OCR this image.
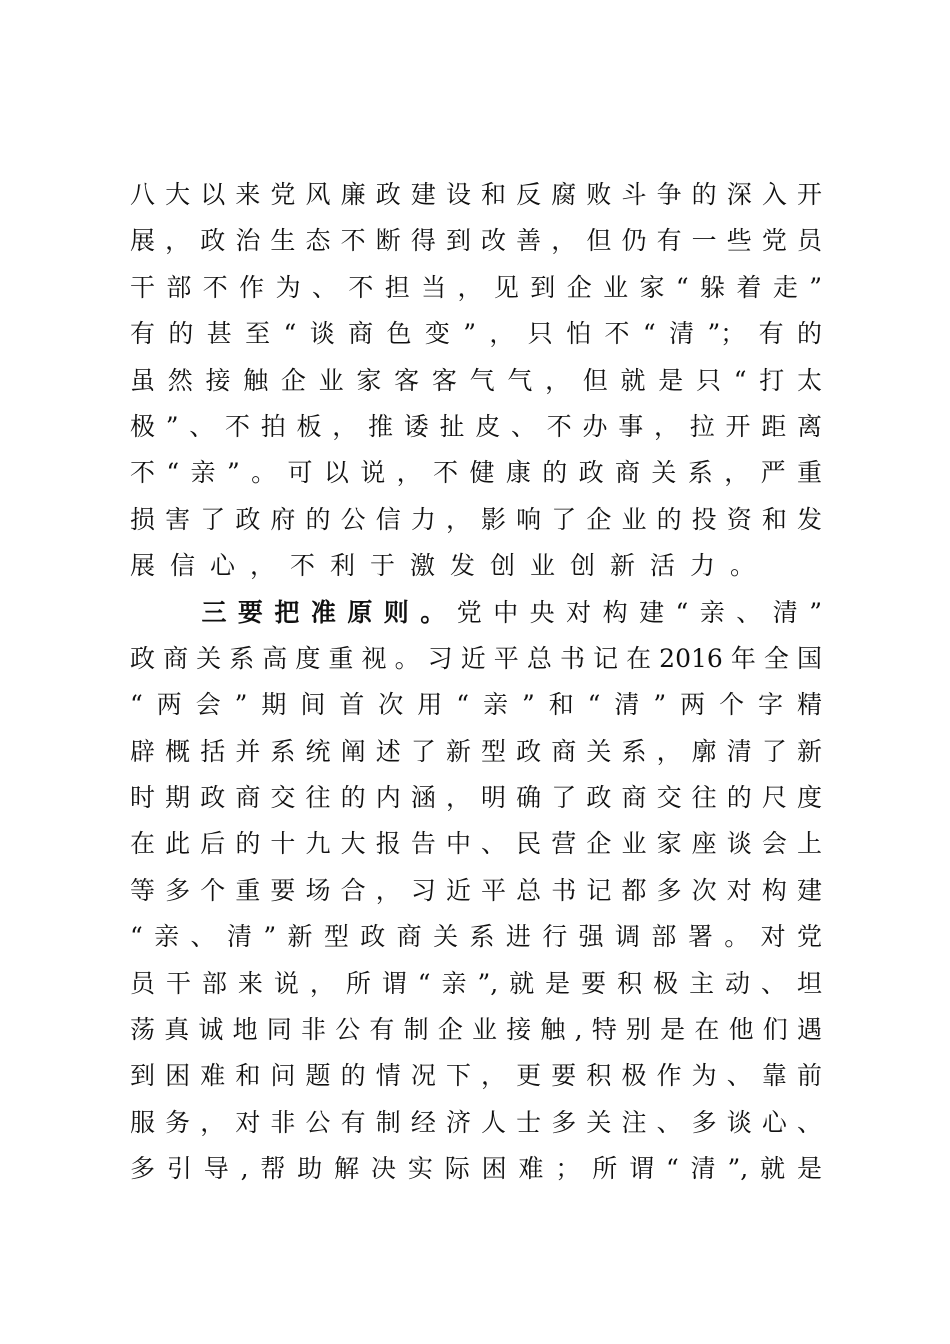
八大以来党风廉政建设和反腐败斗争的深入开
展，政治生态不断得到改善，但仍有一些党员
干部不作为、不担当，见到企业家“躲着走”
有的甚至“谈商色变”，只怕不“清”；有的
虽然接触企业家客客气气，但就是只“打太
极”、不拍板，推诿扯皮、不办事，拉开距离
不“亲”。可以说，不健康的政商关系，严重
损害了政府的公信力，影响了企业的投资和发
展信心，不利于激发创业创新活力。
三要把准原则。党中央对构建“亲、清”
政商关系高度重视。习近平总书记在2016年全国
“两会”期间首次用“亲”和“清”两个字精
辟概括并系统阐述了新型政商关系，廓清了新
时期政商交往的内涵，明确了政商交往的尺度
在此后的十九大报告中、民营企业家座谈会上
等多个重要场合，习近平总书记都多次对构建
“亲、清”新型政商关系进行强调部署。对党
员干部来说，所谓“亲”,就是要积极主动、坦
荡真诚地同非公有制企业接触,特别是在他们遇
到困难和问题的情况下，更要积极作为、靠前
服务，对非公有制经济人士多关注、多谈心、
多引导,帮助解决实际困难；所谓“清”,就是
